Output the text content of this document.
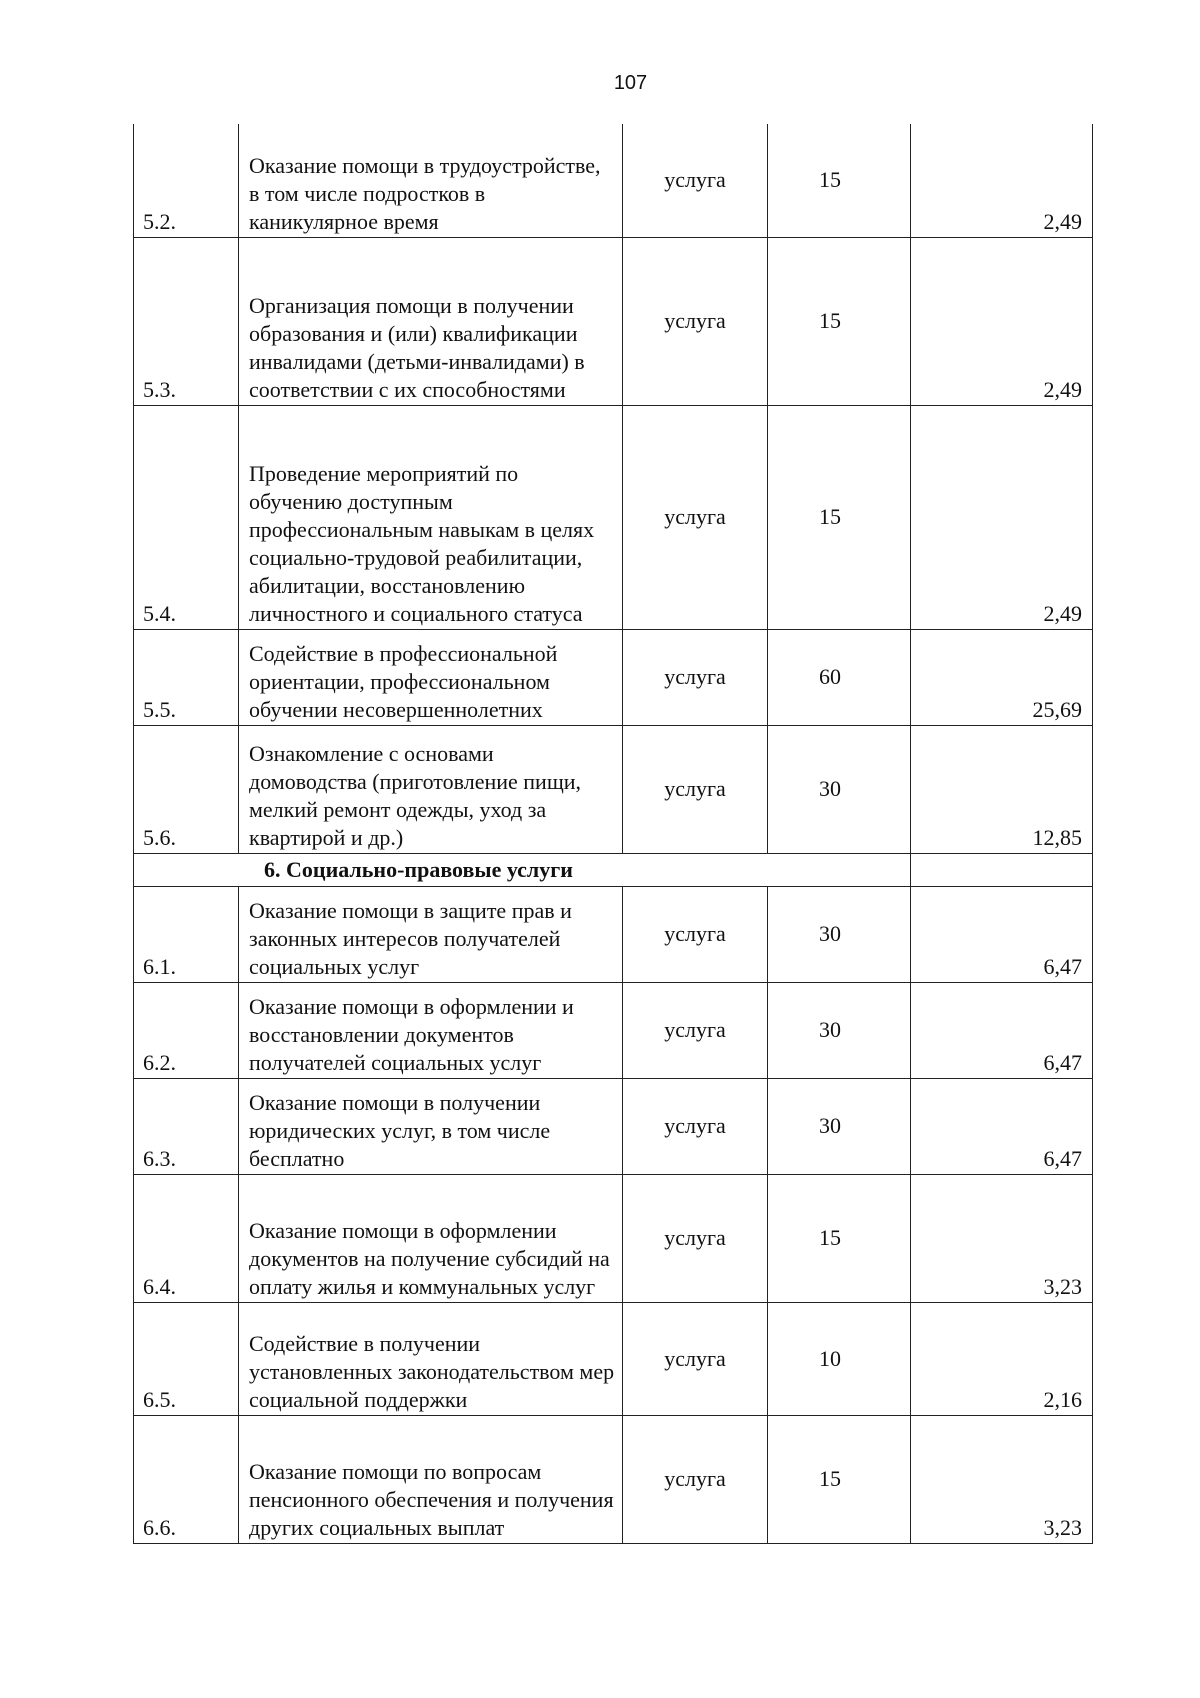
107
5.2.	Оказание помощи в трудоустройстве, в том числе подростков в каникулярное время	услуга	15	2,49
5.3.	Организация помощи в получении образования и (или) квалификации инвалидами (детьми-инвалидами) в соответствии с их способностями	услуга	15	2,49
5.4.	Проведение мероприятий по обучению доступным профессиональным навыкам в целях социально-трудовой реабилитации, абилитации, восстановлению личностного и социального статуса	услуга	15	2,49
5.5.	Содействие в профессиональной ориентации, профессиональном обучении несовершеннолетних	услуга	60	25,69
5.6.	Ознакомление с основами домоводства (приготовление пищи, мелкий ремонт одежды, уход за квартирой и др.)	услуга	30	12,85
6. Социально-правовые услуги				
6.1.	Оказание помощи в защите прав и законных интересов получателей социальных услуг	услуга	30	6,47
6.2.	Оказание помощи в оформлении и восстановлении документов получателей социальных услуг	услуга	30	6,47
6.3.	Оказание помощи в получении юридических услуг, в том числе бесплатно	услуга	30	6,47
6.4.	Оказание помощи в оформлении документов на получение субсидий на оплату жилья и коммунальных услуг	услуга	15	3,23
6.5.	Содействие в получении установленных законодательством мер социальной поддержки	услуга	10	2,16
6.6.	Оказание помощи по вопросам пенсионного обеспечения и получения других социальных выплат	услуга	15	3,23
